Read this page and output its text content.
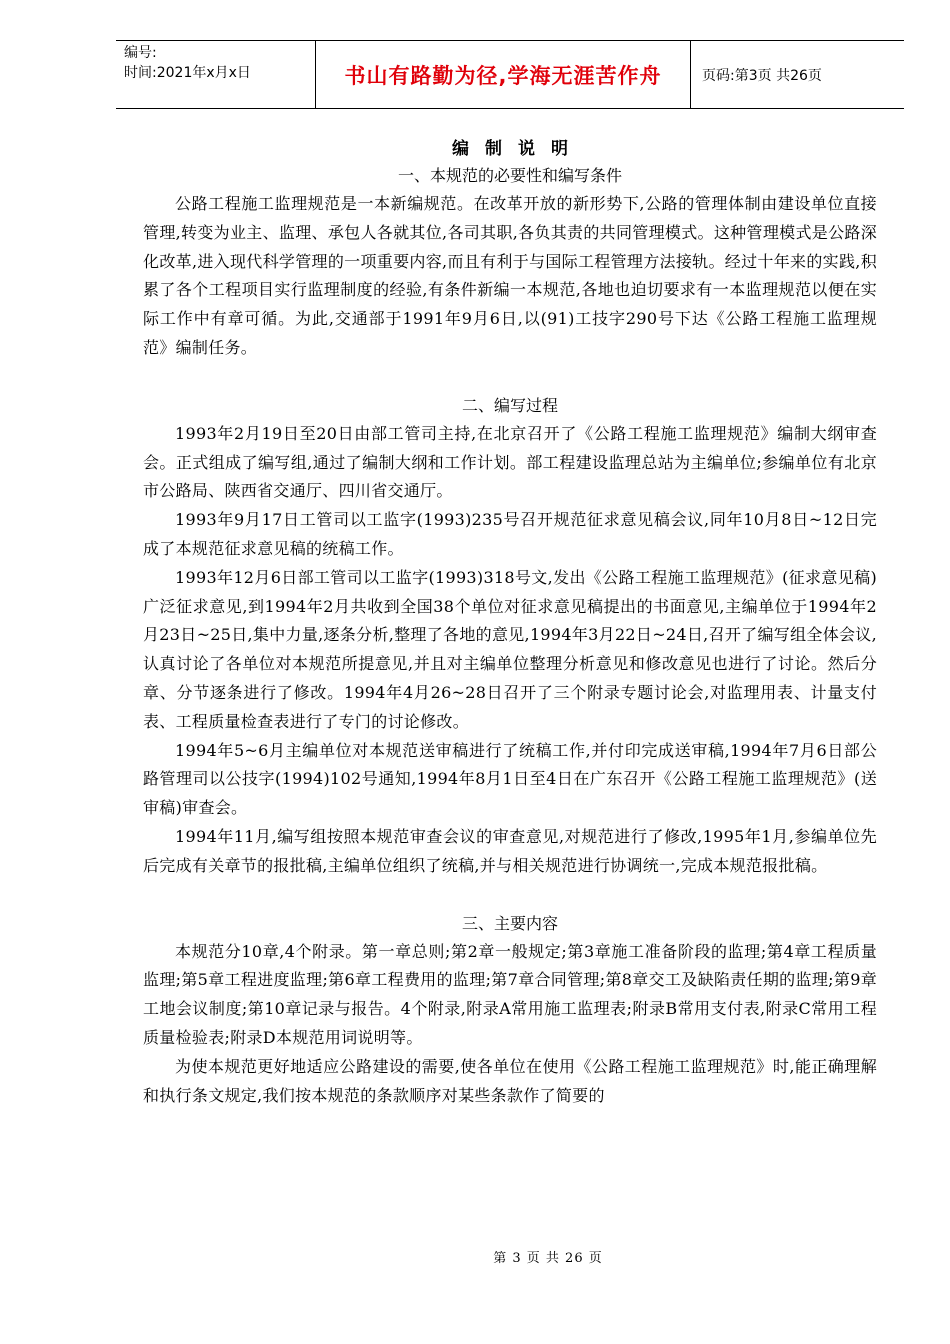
编号:
时间:2021年x月x日	书山有路勤为径,学海无涯苦作舟	页码:第3页 共26页
编制说明
一、本规范的必要性和编写条件

公路工程施工监理规范是一本新编规范。在改革开放的新形势下,公路的管理体制由建设单位直接管理,转变为业主、监理、承包人各就其位,各司其职,各负其责的共同管理模式。这种管理模式是公路深化改革,进入现代科学管理的一项重要内容,而且有利于与国际工程管理方法接轨。经过十年来的实践,积累了各个工程项目实行监理制度的经验,有条件新编一本规范,各地也迫切要求有一本监理规范以便在实际工作中有章可循。为此,交通部于1991年9月6日,以(91)工技字290号下达《公路工程施工监理规范》编制任务。

二、编写过程

1993年2月19日至20日由部工管司主持,在北京召开了《公路工程施工监理规范》编制大纲审查会。正式组成了编写组,通过了编制大纲和工作计划。部工程建设监理总站为主编单位;参编单位有北京市公路局、陕西省交通厅、四川省交通厅。

1993年9月17日工管司以工监字(1993)235号召开规范征求意见稿会议,同年10月8日~12日完成了本规范征求意见稿的统稿工作。

1993年12月6日部工管司以工监字(1993)318号文,发出《公路工程施工监理规范》(征求意见稿)广泛征求意见,到1994年2月共收到全国38个单位对征求意见稿提出的书面意见,主编单位于1994年2月23日~25日,集中力量,逐条分析,整理了各地的意见,1994年3月22日~24日,召开了编写组全体会议,认真讨论了各单位对本规范所提意见,并且对主编单位整理分析意见和修改意见也进行了讨论。然后分章、分节逐条进行了修改。1994年4月26~28日召开了三个附录专题讨论会,对监理用表、计量支付表、工程质量检查表进行了专门的讨论修改。

1994年5~6月主编单位对本规范送审稿进行了统稿工作,并付印完成送审稿,1994年7月6日部公路管理司以公技字(1994)102号通知,1994年8月1日至4日在广东召开《公路工程施工监理规范》(送审稿)审查会。

1994年11月,编写组按照本规范审查会议的审查意见,对规范进行了修改,1995年1月,参编单位先后完成有关章节的报批稿,主编单位组织了统稿,并与相关规范进行协调统一,完成本规范报批稿。

三、主要内容

本规范分10章,4个附录。第一章总则;第2章一般规定;第3章施工准备阶段的监理;第4章工程质量监理;第5章工程进度监理;第6章工程费用的监理;第7章合同管理;第8章交工及缺陷责任期的监理;第9章工地会议制度;第10章记录与报告。4个附录,附录A常用施工监理表;附录B常用支付表,附录C常用工程质量检验表;附录D本规范用词说明等。

为使本规范更好地适应公路建设的需要,使各单位在使用《公路工程施工监理规范》时,能正确理解和执行条文规定,我们按本规范的条款顺序对某些条款作了简要的

第 3 页 共 26 页
